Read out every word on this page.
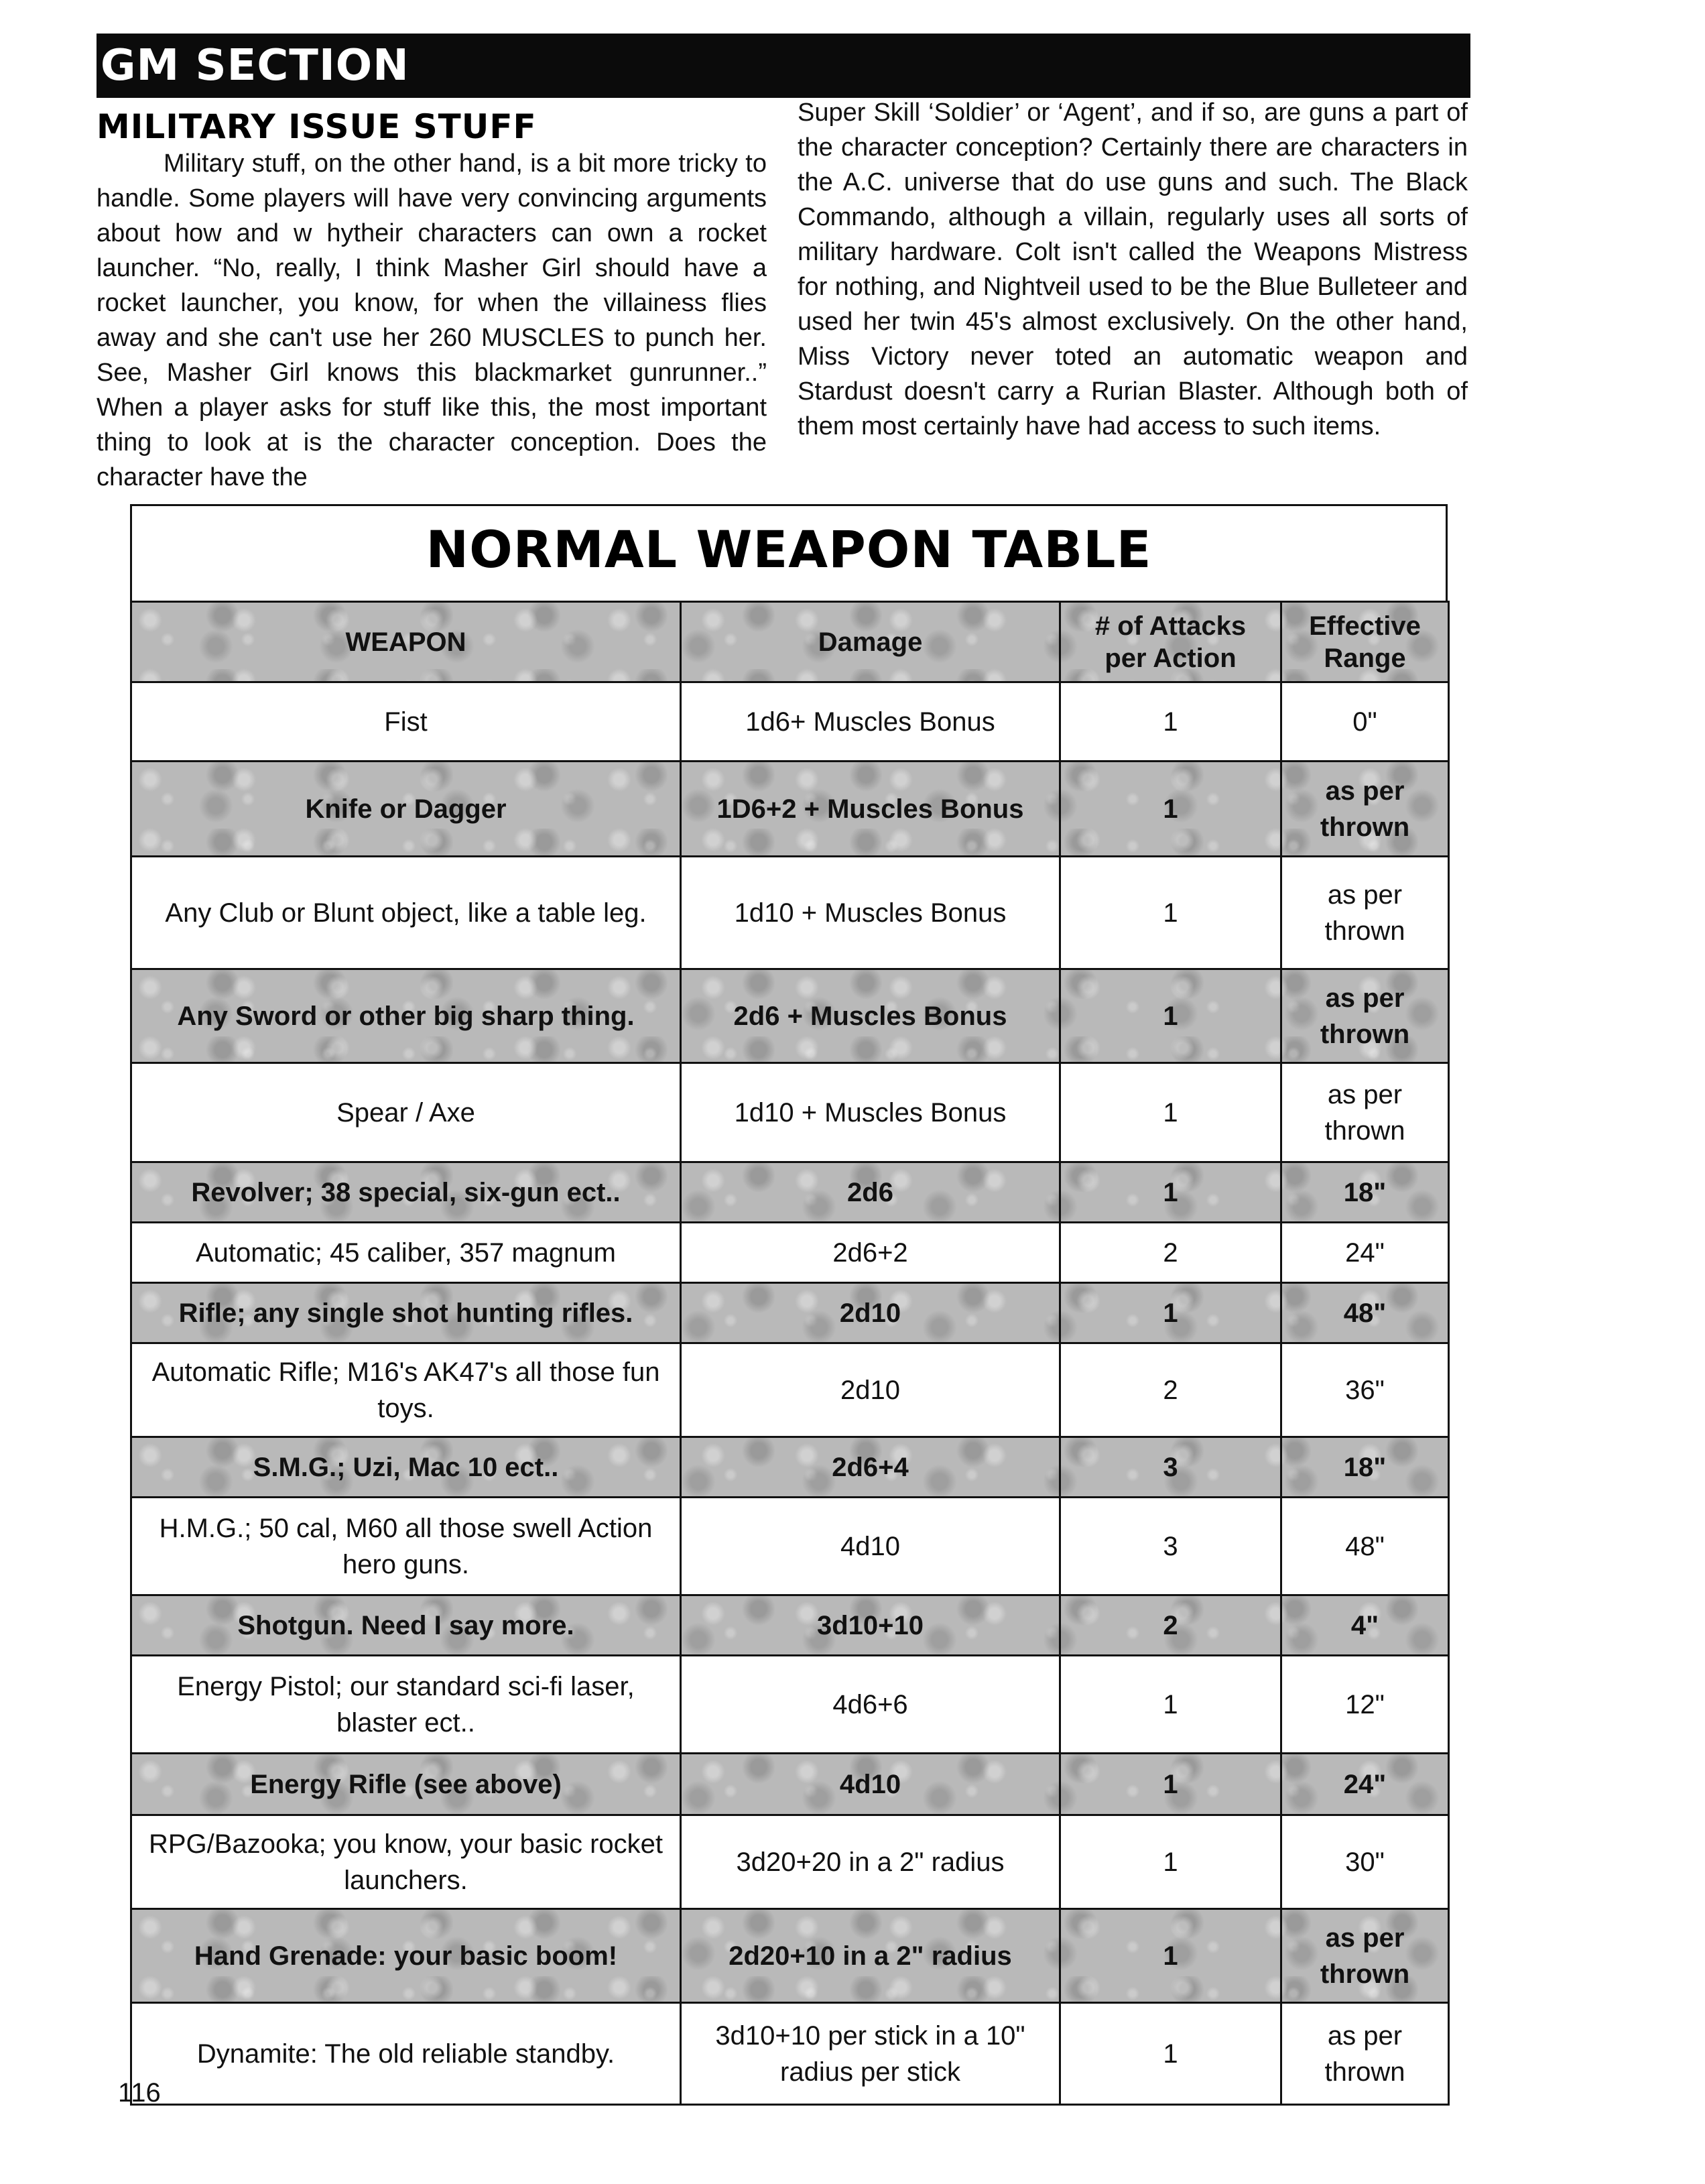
GM SECTION
MILITARY ISSUE STUFF
Military stuff, on the other hand, is a bit more tricky to handle. Some players will have very convincing arguments about how and w hytheir characters can own a rocket launcher. “No, really, I think Masher Girl should have a rocket launcher, you know, for when the villainess flies away and she can't use her 260 MUSCLES to punch her. See, Masher Girl knows this blackmarket gunrunner..” When a player asks for stuff like this, the most important thing to look at is the character conception. Does the character have the
Super Skill ‘Soldier’ or ‘Agent’, and if so, are guns a part of the character conception? Certainly there are characters in the A.C. universe that do use guns and such. The Black Commando, although a villain, regularly uses all sorts of military hardware. Colt isn't called the Weapons Mistress for nothing, and Nightveil used to be the Blue Bulleteer and used her twin 45's almost exclusively. On the other hand, Miss Victory never toted an automatic weapon and Stardust doesn't carry a Rurian Blaster. Although both of them most certainly have had access to such items.
NORMAL WEAPON TABLE
WEAPON	Damage	# of Attacks per Action	Effective Range
Fist	1d6+ Muscles Bonus	1	0"
Knife or Dagger	1D6+2 + Muscles Bonus	1	as per thrown
Any Club or Blunt object, like a table leg.	1d10 + Muscles Bonus	1	as per thrown
Any Sword or other big sharp thing.	2d6 + Muscles Bonus	1	as per thrown
Spear / Axe	1d10 + Muscles Bonus	1	as per thrown
Revolver; 38 special, six-gun ect..	2d6	1	18"
Automatic; 45 caliber, 357 magnum	2d6+2	2	24"
Rifle; any single shot hunting rifles.	2d10	1	48"
Automatic Rifle; M16's AK47's all those fun toys.	2d10	2	36"
S.M.G.; Uzi, Mac 10 ect..	2d6+4	3	18"
H.M.G.; 50 cal, M60 all those swell Action hero guns.	4d10	3	48"
Shotgun. Need I say more.	3d10+10	2	4"
Energy Pistol; our standard sci-fi laser, blaster ect..	4d6+6	1	12"
Energy Rifle (see above)	4d10	1	24"
RPG/Bazooka; you know, your basic rocket launchers.	3d20+20 in a 2" radius	1	30"
Hand Grenade: your basic boom!	2d20+10 in a 2" radius	1	as per thrown
Dynamite: The old reliable standby.	3d10+10 per stick in a 10" radius per stick	1	as per thrown
116
